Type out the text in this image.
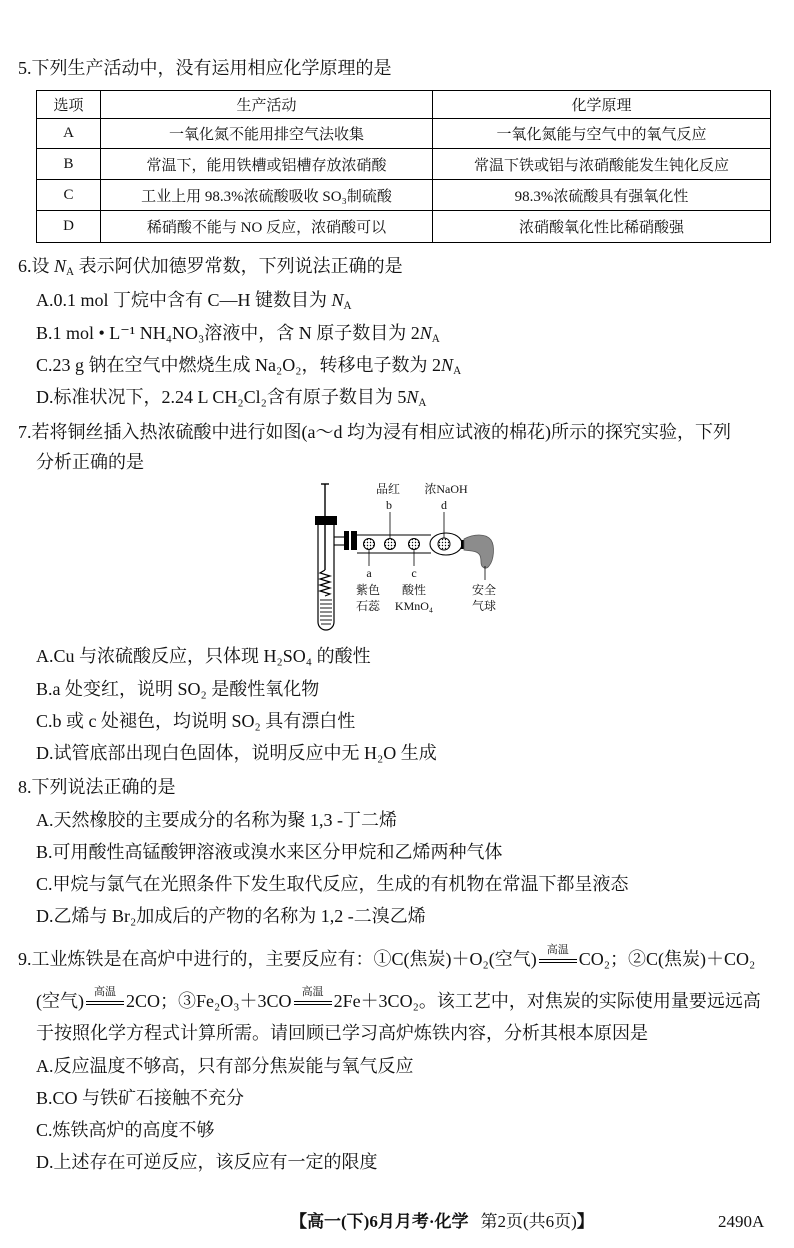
5.下列生产活动中，没有运用相应化学原理的是
选项	生产活动	化学原理
A	一氧化氮不能用排空气法收集	一氧化氮能与空气中的氧气反应
B	常温下，能用铁槽或铝槽存放浓硝酸	常温下铁或铝与浓硝酸能发生钝化反应
C	工业上用 98.3%浓硫酸吸收 SO₃制硫酸	98.3%浓硫酸具有强氧化性
D	稀硝酸不能与 NO 反应，浓硝酸可以	浓硝酸氧化性比稀硝酸强
6.设 $N_A$ 表示阿伏加德罗常数，下列说法正确的是
A.0.1 mol 丁烷中含有 C—H 键数目为 $N_A$
B.1 mol • L⁻¹ NH₄NO₃溶液中，含 N 原子数目为 $2N_A$
C.23 g 钠在空气中燃烧生成 Na₂O₂，转移电子数为 $2N_A$
D.标准状况下，2.24 L CH₂Cl₂含有原子数目为 $5N_A$
7.若将铜丝插入热浓硫酸中进行如图(a～d 均为浸有相应试液的棉花)所示的探究实验，下列
分析正确的是
品红
b
浓NaOH
d
a
紫色
石蕊
c
酸性
KMnO₄
安全
气球
A.Cu 与浓硫酸反应，只体现 H₂SO₄ 的酸性
B.a 处变红，说明 SO₂ 是酸性氧化物
C.b 或 c 处褪色，均说明 SO₂ 具有漂白性
D.试管底部出现白色固体，说明反应中无 H₂O 生成
8.下列说法正确的是
A.天然橡胶的主要成分的名称为聚 1,3 -丁二烯
B.可用酸性高锰酸钾溶液或溴水来区分甲烷和乙烯两种气体
C.甲烷与氯气在光照条件下发生取代反应，生成的有机物在常温下都呈液态
D.乙烯与 Br₂加成后的产物的名称为 1,2 -二溴乙烯
9.工业炼铁是在高炉中进行的，主要反应有：①C(焦炭)＋O₂(空气) 高温 CO₂；②C(焦炭)＋CO₂
(空气) 高温 2CO；③Fe₂O₃＋3CO 高温 2Fe＋3CO₂。该工艺中，对焦炭的实际使用量要远远高
于按照化学方程式计算所需。请回顾已学习高炉炼铁内容，分析其根本原因是
A.反应温度不够高，只有部分焦炭能与氧气反应
B.CO 与铁矿石接触不充分
C.炼铁高炉的高度不够
D.上述存在可逆反应，该反应有一定的限度
【高一(下)6月月考·化学 第2页(共6页)】	2490A
